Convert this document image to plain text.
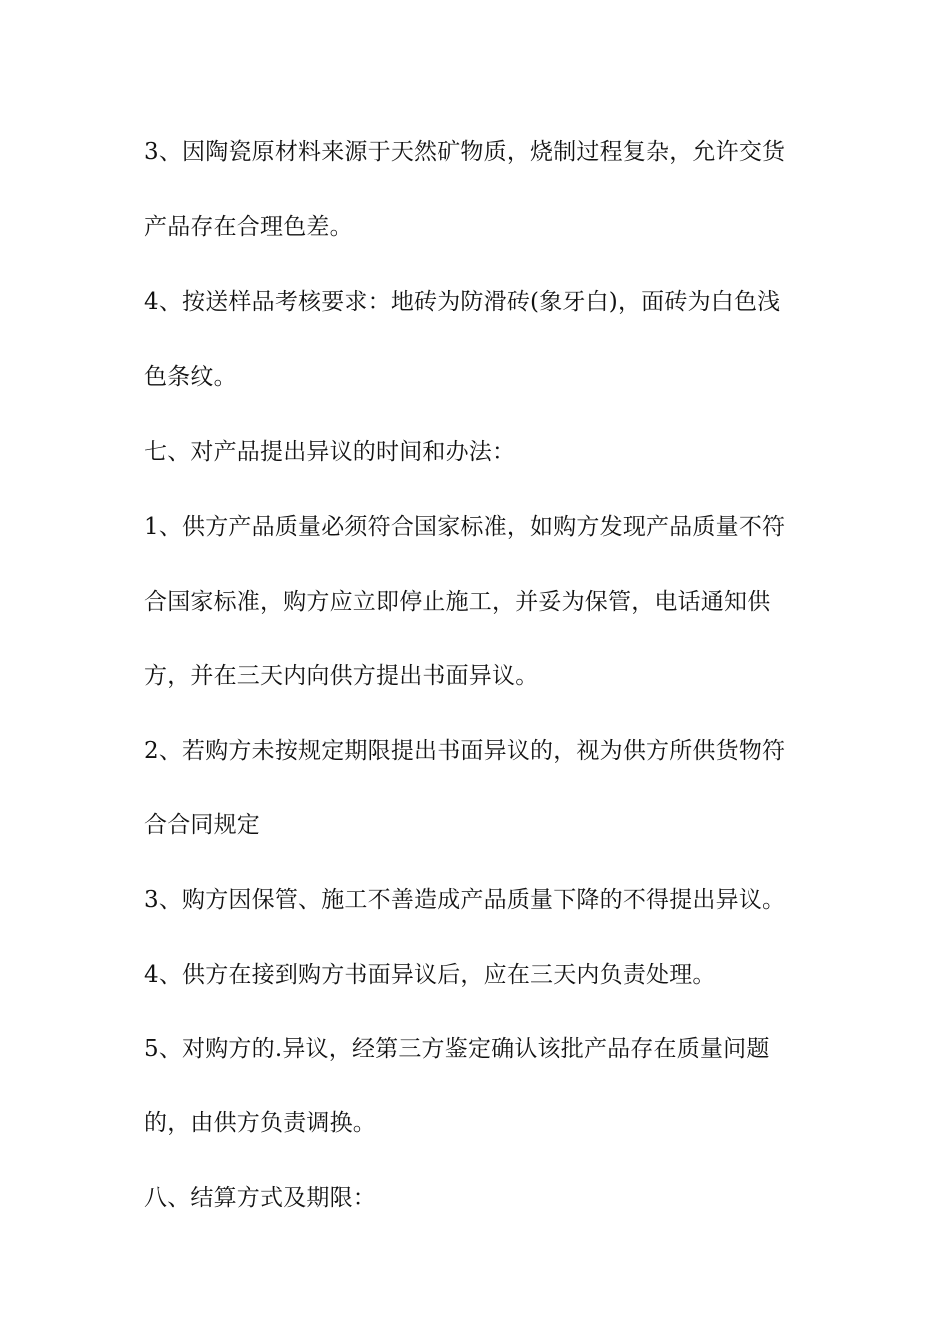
3、因陶瓷原材料来源于天然矿物质，烧制过程复杂，允许交货
产品存在合理色差。
4、按送样品考核要求：地砖为防滑砖(象牙白)，面砖为白色浅
色条纹。
七、对产品提出异议的时间和办法：
1、供方产品质量必须符合国家标准，如购方发现产品质量不符
合国家标准，购方应立即停止施工，并妥为保管，电话通知供
方，并在三天内向供方提出书面异议。
2、若购方未按规定期限提出书面异议的，视为供方所供货物符
合合同规定
3、购方因保管、施工不善造成产品质量下降的不得提出异议。
4、供方在接到购方书面异议后，应在三天内负责处理。
5、对购方的.异议，经第三方鉴定确认该批产品存在质量问题
的，由供方负责调换。
八、结算方式及期限：
